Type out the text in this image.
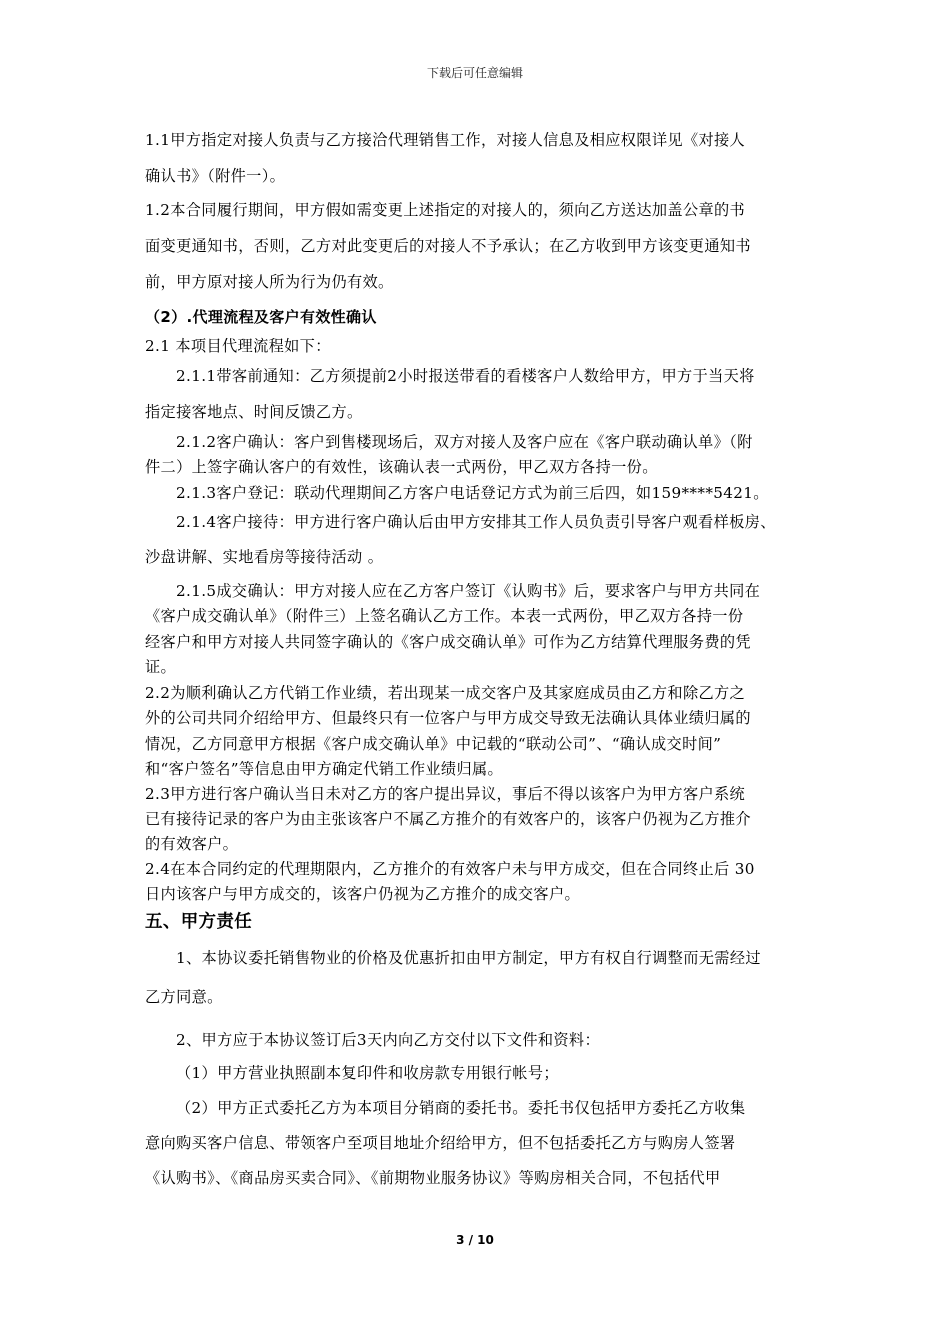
下载后可任意编辑
1.1甲方指定对接人负责与乙方接洽代理销售工作，对接人信息及相应权限详见《对接人
确认书》（附件一）。
1.2本合同履行期间，甲方假如需变更上述指定的对接人的，须向乙方送达加盖公章的书
面变更通知书，否则，乙方对此变更后的对接人不予承认；在乙方收到甲方该变更通知书
前，甲方原对接人所为行为仍有效。
（2）.代理流程及客户有效性确认
2.1 本项目代理流程如下：
2.1.1带客前通知：乙方须提前2小时报送带看的看楼客户人数给甲方，甲方于当天将
指定接客地点、时间反馈乙方。
2.1.2客户确认：客户到售楼现场后，双方对接人及客户应在《客户联动确认单》（附
件二）上签字确认客户的有效性，该确认表一式两份，甲乙双方各持一份。
2.1.3客户登记：联动代理期间乙方客户电话登记方式为前三后四，如159****5421。
2.1.4客户接待：甲方进行客户确认后由甲方安排其工作人员负责引导客户观看样板房、
沙盘讲解、实地看房等接待活动 。
2.1.5成交确认：甲方对接人应在乙方客户签订《认购书》后，要求客户与甲方共同在
《客户成交确认单》（附件三）上签名确认乙方工作。本表一式两份，甲乙双方各持一份
经客户和甲方对接人共同签字确认的《客户成交确认单》可作为乙方结算代理服务费的凭
证。
2.2为顺利确认乙方代销工作业绩，若出现某一成交客户及其家庭成员由乙方和除乙方之
外的公司共同介绍给甲方、但最终只有一位客户与甲方成交导致无法确认具体业绩归属的
情况，乙方同意甲方根据《客户成交确认单》中记载的“联动公司”、“确认成交时间”
和“客户签名”等信息由甲方确定代销工作业绩归属。
2.3甲方进行客户确认当日未对乙方的客户提出异议，事后不得以该客户为甲方客户系统
已有接待记录的客户为由主张该客户不属乙方推介的有效客户的，该客户仍视为乙方推介
的有效客户。
2.4在本合同约定的代理期限内，乙方推介的有效客户未与甲方成交，但在合同终止后 30
日内该客户与甲方成交的，该客户仍视为乙方推介的成交客户。
五、甲方责任
1、本协议委托销售物业的价格及优惠折扣由甲方制定，甲方有权自行调整而无需经过
乙方同意。
2、甲方应于本协议签订后3天内向乙方交付以下文件和资料：
（1）甲方营业执照副本复印件和收房款专用银行帐号；
（2）甲方正式委托乙方为本项目分销商的委托书。委托书仅包括甲方委托乙方收集
意向购买客户信息、带领客户至项目地址介绍给甲方，但不包括委托乙方与购房人签署
《认购书》、《商品房买卖合同》、《前期物业服务协议》等购房相关合同，不包括代甲
3 / 10
